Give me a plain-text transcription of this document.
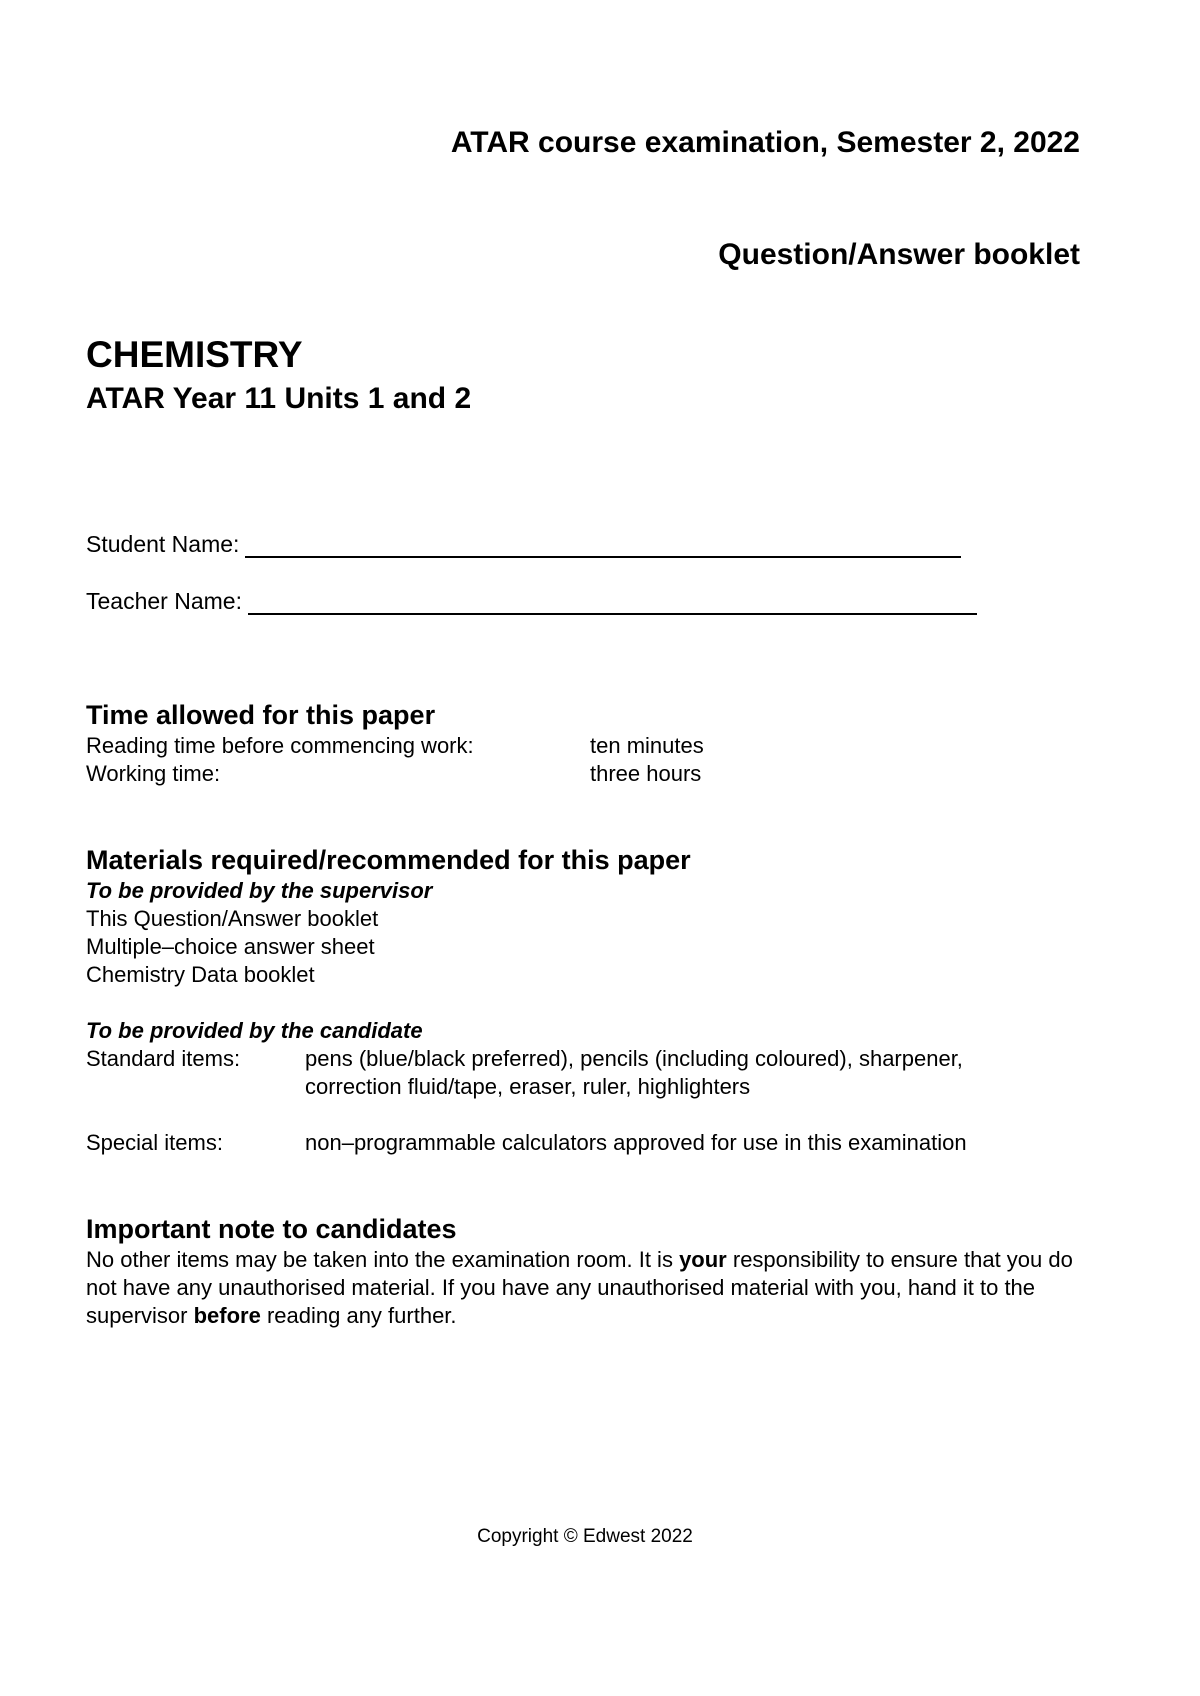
ATAR course examination, Semester 2, 2022
Question/Answer booklet
CHEMISTRY
ATAR Year 11 Units 1 and 2
Student Name:
Teacher Name:
Time allowed for this paper
Reading time before commencing work:	ten minutes
Working time:	three hours
Materials required/recommended for this paper
To be provided by the supervisor
This Question/Answer booklet
Multiple–choice answer sheet
Chemistry Data booklet
To be provided by the candidate
Standard items:	pens (blue/black preferred), pencils (including coloured), sharpener,
correction fluid/tape, eraser, ruler, highlighters
Special items:	non–programmable calculators approved for use in this examination
Important note to candidates
No other items may be taken into the examination room. It is your responsibility to ensure that you do not have any unauthorised material. If you have any unauthorised material with you, hand it to the supervisor before reading any further.
Copyright © Edwest 2022
